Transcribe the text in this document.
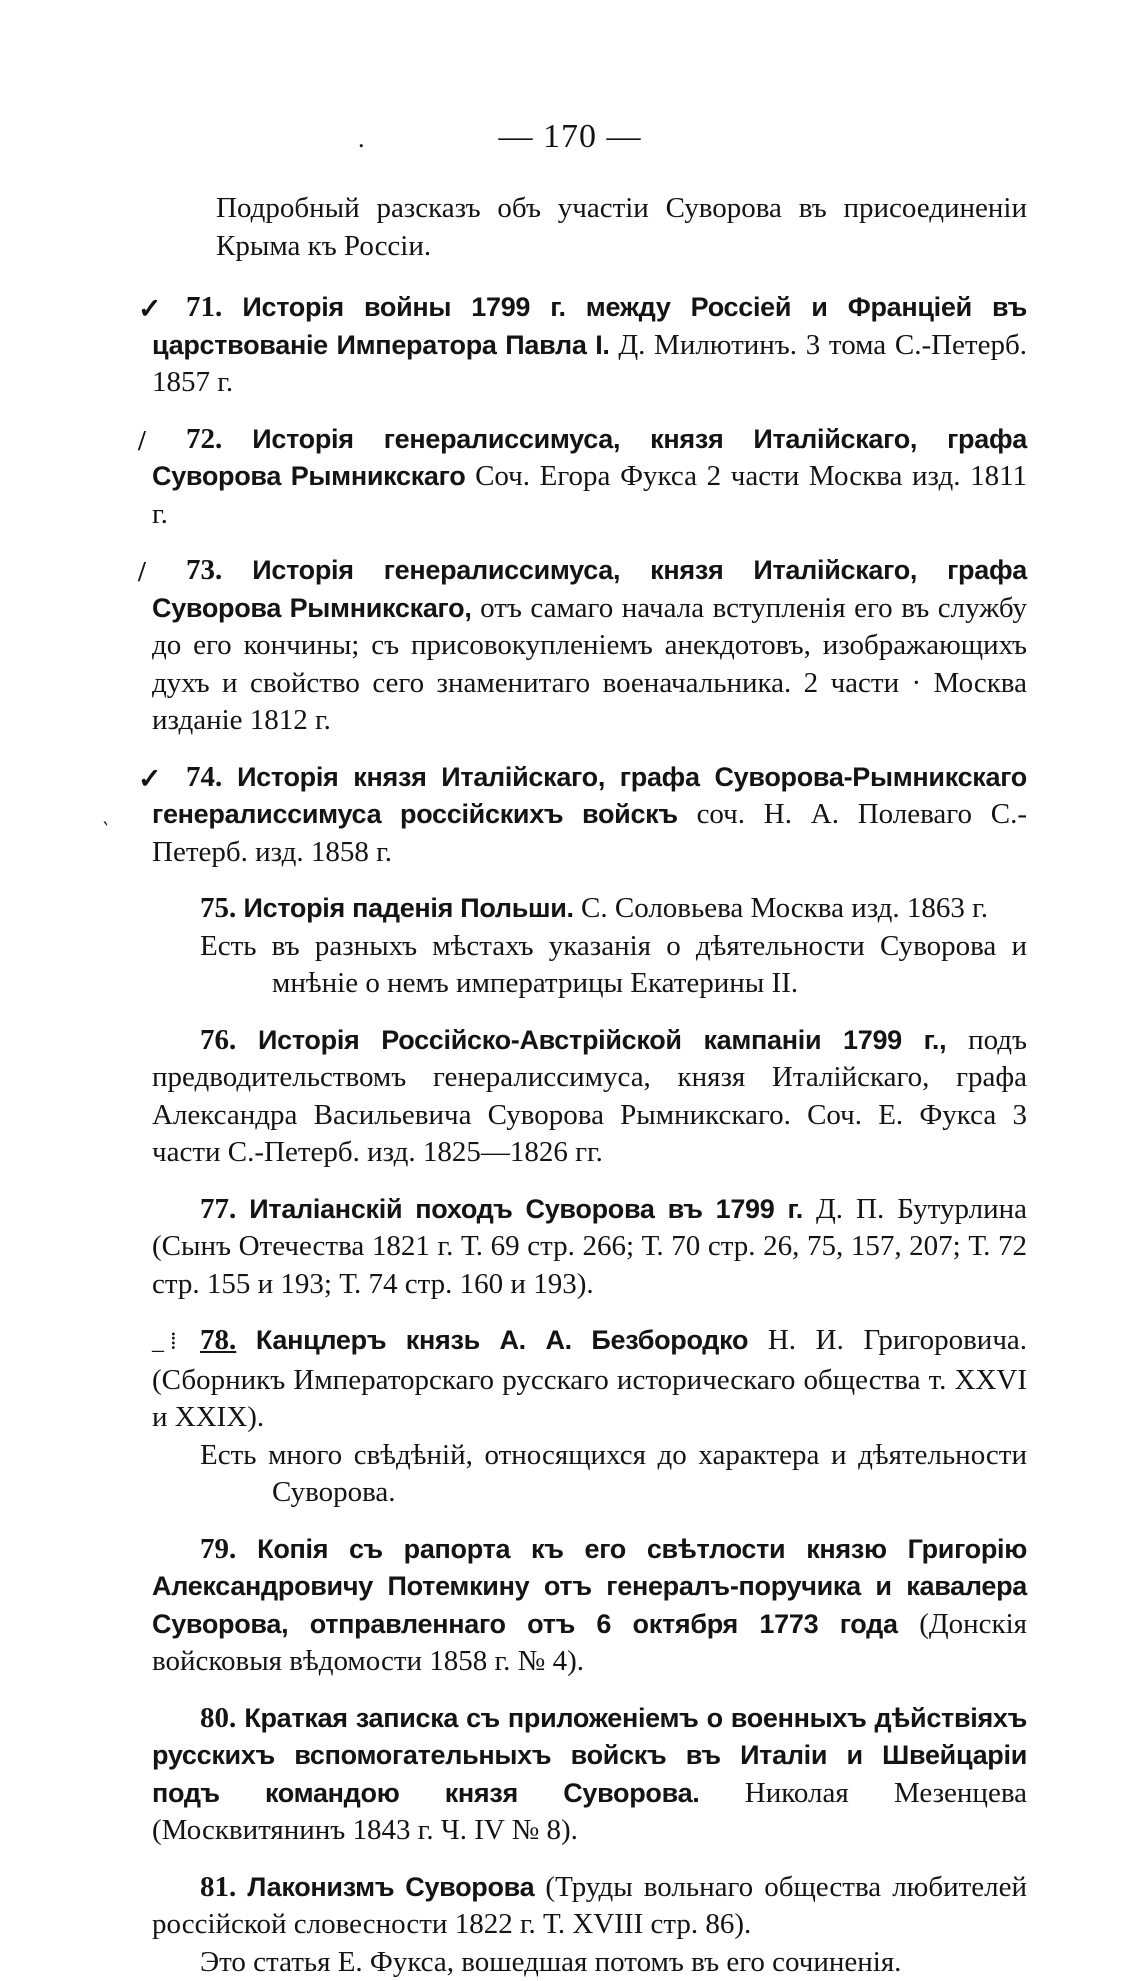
— 170 —
.
‵

Подробный разсказъ объ участіи Суворова въ присоединеніи Крыма къ Россіи.

✓ 71. Исторія войны 1799 г. между Россіей и Франціей въ царствованіе Императора Павла I. Д. Милютинъ. 3 тома С.-Петерб. 1857 г.

/ 72. Исторія генералиссимуса, князя Италійскаго, графа Суворова Рымникскаго Соч. Егора Фукса 2 части Москва изд. 1811 г.

/ 73. Исторія генералиссимуса, князя Италійскаго, графа Суворова Рымникскаго, отъ самаго начала вступленія его въ службу до его кончины; съ присовокупленіемъ анекдотовъ, изображающихъ духъ и свойство сего знаменитаго военачальника. 2 части · Москва изданіе 1812 г.

✓ 74. Исторія князя Италійскаго, графа Суворова-Рымникскаго генералиссимуса россійскихъ войскъ соч. Н. А. Полеваго С.-Петерб. изд. 1858 г.

75. Исторія паденія Польши. С. Соловьева Москва изд. 1863 г.

Есть въ разныхъ мѣстахъ указанія о дѣятельности Суворова и мнѣніе о немъ императрицы Екатерины II.

76. Исторія Россійско-Австрійской кампаніи 1799 г., подъ предводительствомъ генералиссимуса, князя Италійскаго, графа Александра Васильевича Суворова Рымникскаго. Соч. Е. Фукса 3 части С.-Петерб. изд. 1825—1826 гг.

77. Италіанскій походъ Суворова въ 1799 г. Д. П. Бутурлина (Сынъ Отечества 1821 г. Т. 69 стр. 266; Т. 70 стр. 26, 75, 157, 207; Т. 72 стр. 155 и 193; Т. 74 стр. 160 и 193).

_ ⁞ 78. Канцлеръ князь А. А. Безбородко Н. И. Григоровича. (Сборникъ Императорскаго русскаго историческаго общества т. XXVI и XXIX).

Есть много свѣдѣній, относящихся до характера и дѣятельности Суворова.

79. Копія съ рапорта къ его свѣтлости князю Григорію Александровичу Потемкину отъ генералъ-поручика и кавалера Суворова, отправленнаго отъ 6 октября 1773 года (Донскія войсковыя вѣдомости 1858 г. № 4).

80. Краткая записка съ приложеніемъ о военныхъ дѣйствіяхъ русскихъ вспомогательныхъ войскъ въ Италіи и Швейцаріи подъ командою князя Суворова. Николая Мезенцева (Москвитянинъ 1843 г. Ч. IV № 8).

81. Лаконизмъ Суворова (Труды вольнаго общества любителей россійской словесности 1822 г. Т. XVIII стр. 86).

Это статья Е. Фукса, вошедшая потомъ въ его сочиненія.
